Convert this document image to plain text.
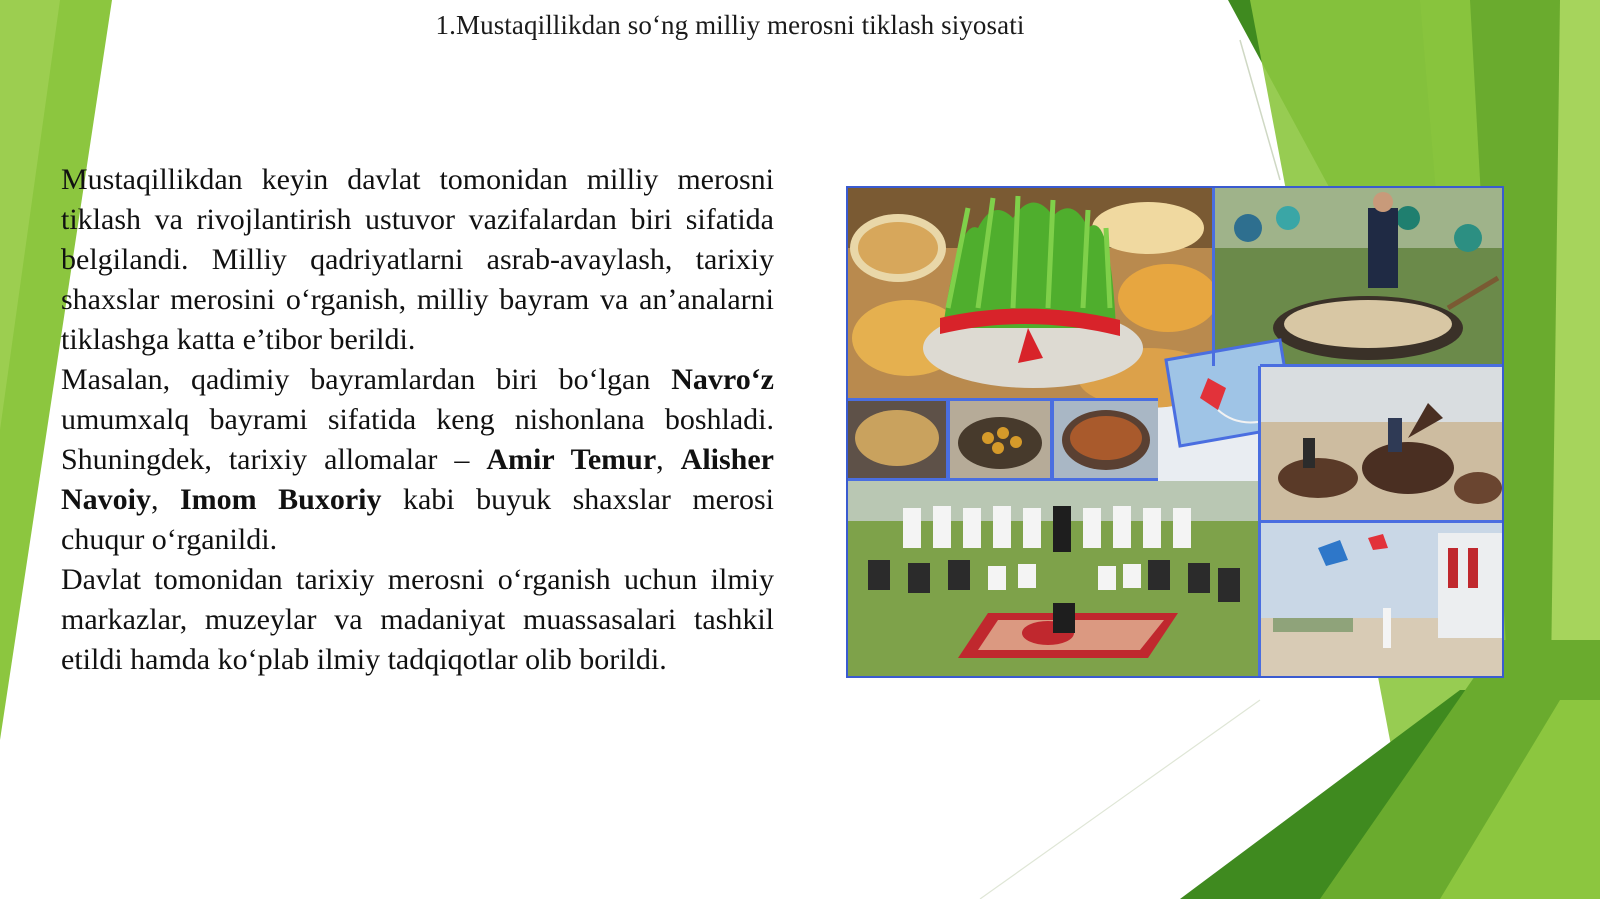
1.Mustaqillikdan so‘ng milliy merosni tiklash siyosati

Mustaqillikdan keyin davlat tomonidan milliy merosni tiklash va rivojlantirish ustuvor vazifalardan biri sifatida belgilandi. Milliy qadriyatlarni asrab-avaylash, tarixiy shaxslar merosini o‘rganish, milliy bayram va an’analarni tiklashga katta e’tibor berildi.

Masalan, qadimiy bayramlardan biri bo‘lgan Navro‘z umumxalq bayrami sifatida keng nishonlana boshladi. Shuningdek, tarixiy allomalar – Amir Temur, Alisher Navoiy, Imom Buxoriy kabi buyuk shaxslar merosi chuqur o‘rganildi.

Davlat tomonidan tarixiy merosni o‘rganish uchun ilmiy markazlar, muzeylar va madaniyat muassasalari tashkil etildi hamda ko‘plab ilmiy tadqiqotlar olib borildi.
